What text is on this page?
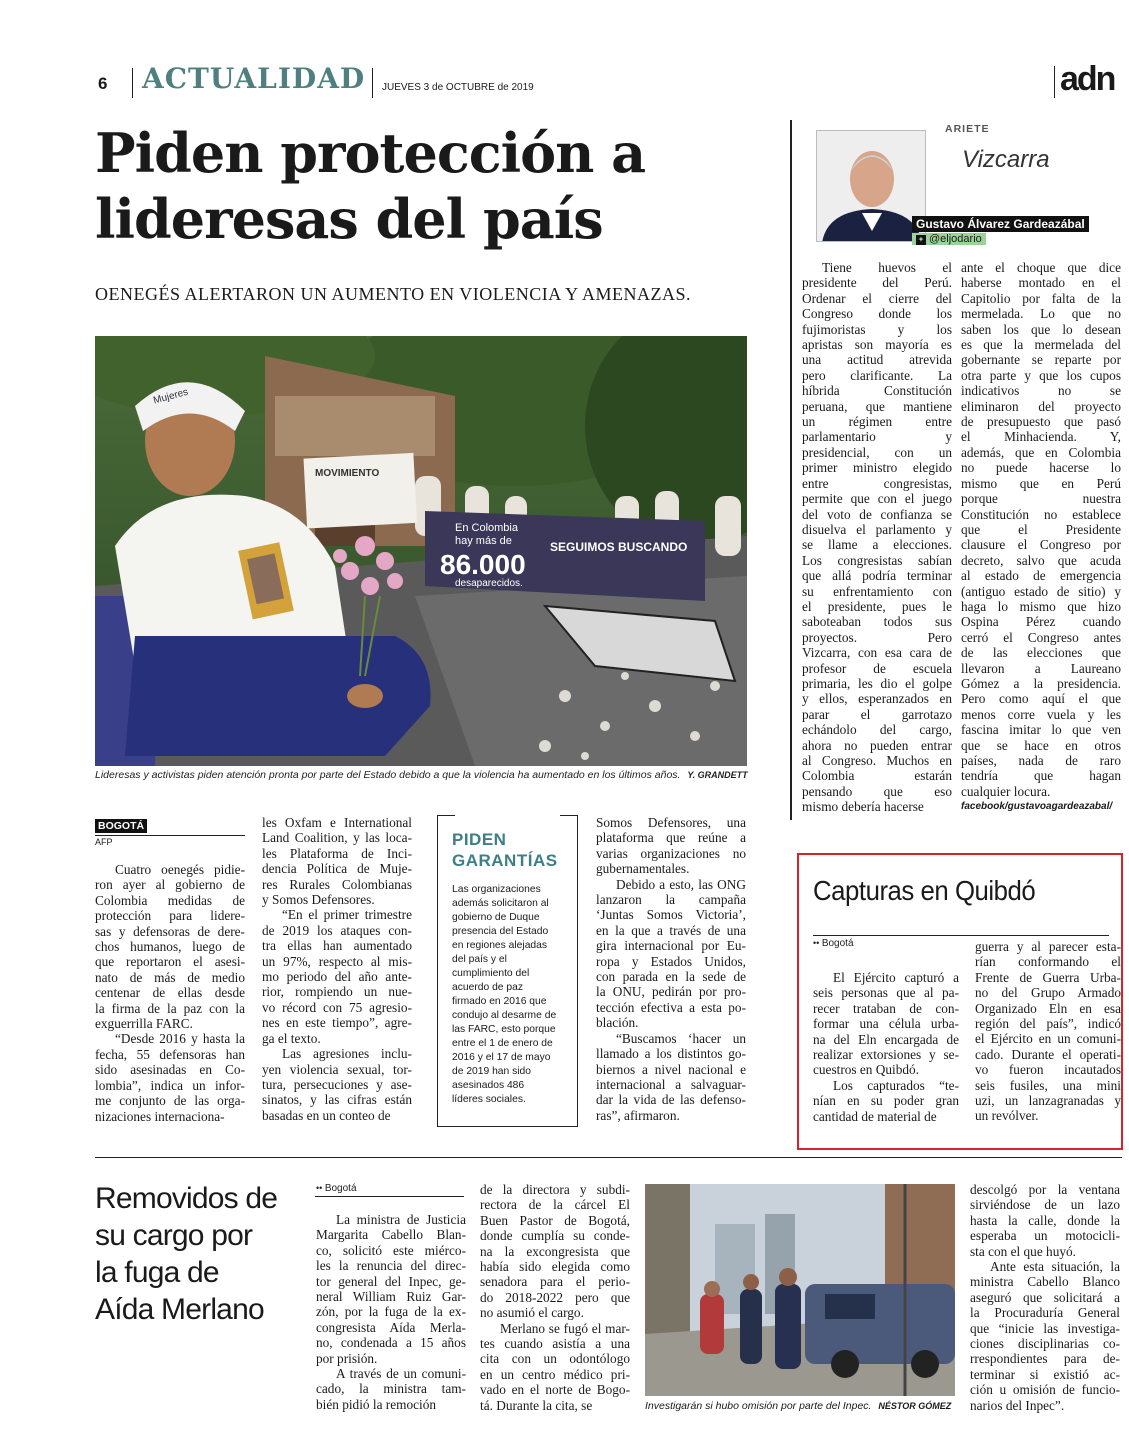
6 ACTUALIDAD JUEVES 3 de OCTUBRE de 2019	adn
Piden protección a
lideresas del país
OENEGÉS ALERTARON UN AUMENTO EN VIOLENCIA Y AMENAZAS.
MOVIMIENTO
En Colombia
hay más de
86.000
desaparecidos.
SEGUIMOS BUSCANDO
Mujeres
Lideresas y activistas piden atención pronta por parte del Estado debido a que la violencia ha aumentado en los últimos años. Y. GRANDETT
BOGOTÁ
AFP
Cuatro oenegés pidie-
ron ayer al gobierno de
Colombia medidas de
protección para lidere-
sas y defensoras de dere-
chos humanos, luego de
que reportaron el asesi-
nato de más de medio
centenar de ellas desde
la firma de la paz con la
exguerrilla FARC.
“Desde 2016 y hasta la
fecha, 55 defensoras han
sido asesinadas en Co-
lombia”, indica un infor-
me conjunto de las orga-
nizaciones internaciona-
les Oxfam e International
Land Coalition, y las loca-
les Plataforma de Inci-
dencia Política de Muje-
res Rurales Colombianas
y Somos Defensores.
“En el primer trimestre
de 2019 los ataques con-
tra ellas han aumentado
un 97%, respecto al mis-
mo periodo del año ante-
rior, rompiendo un nue-
vo récord con 75 agresio-
nes en este tiempo”, agre-
ga el texto.
Las agresiones inclu-
yen violencia sexual, tor-
tura, persecuciones y ase-
sinatos, y las cifras están
basadas en un conteo de
PIDEN
GARANTÍAS
Las organizaciones
además solicitaron al
gobierno de Duque
presencia del Estado
en regiones alejadas
del país y el
cumplimiento del
acuerdo de paz
firmado en 2016 que
condujo al desarme de
las FARC, esto porque
entre el 1 de enero de
2016 y el 17 de mayo
de 2019 han sido
asesinados 486
líderes sociales.
Somos Defensores, una
plataforma que reúne a
varias organizaciones no
gubernamentales.
Debido a esto, las ONG
lanzaron la campaña
‘Juntas Somos Victoria’,
en la que a través de una
gira internacional por Eu-
ropa y Estados Unidos,
con parada en la sede de
la ONU, pedirán por pro-
tección efectiva a esta po-
blación.
“Buscamos ‘hacer un
llamado a los distintos go-
biernos a nivel nacional e
internacional a salvaguar-
dar la vida de las defenso-
ras”, afirmaron.
ARIETE
Vizcarra
Gustavo Álvarez Gardeazábal
✦ @eljodario
Tiene huevos el
presidente del Perú.
Ordenar el cierre del
Congreso donde los
fujimoristas y los
apristas son mayoría es
una actitud atrevida
pero clarificante. La
híbrida Constitución
peruana, que mantiene
un régimen entre
parlamentario y
presidencial, con un
primer ministro elegido
entre congresistas,
permite que con el juego
del voto de confianza se
disuelva el parlamento y
se llame a elecciones.
Los congresistas sabían
que allá podría terminar
su enfrentamiento con
el presidente, pues le
saboteaban todos sus
proyectos. Pero
Vizcarra, con esa cara de
profesor de escuela
primaria, les dio el golpe
y ellos, esperanzados en
parar el garrotazo
echándolo del cargo,
ahora no pueden entrar
al Congreso. Muchos en
Colombia estarán
pensando que eso
mismo debería hacerse
ante el choque que dice
haberse montado en el
Capitolio por falta de la
mermelada. Lo que no
saben los que lo desean
es que la mermelada del
gobernante se reparte por
otra parte y que los cupos
indicativos no se
eliminaron del proyecto
de presupuesto que pasó
el Minhacienda. Y,
además, que en Colombia
no puede hacerse lo
mismo que en Perú
porque nuestra
Constitución no establece
que el Presidente
clausure el Congreso por
decreto, salvo que acuda
al estado de emergencia
(antiguo estado de sitio) y
haga lo mismo que hizo
Ospina Pérez cuando
cerró el Congreso antes
de las elecciones que
llevaron a Laureano
Gómez a la presidencia.
Pero como aquí el que
menos corre vuela y les
fascina imitar lo que ven
que se hace en otros
países, nada de raro
tendría que hagan
cualquier locura.
facebook/gustavoagardeazabal/
Capturas en Quibdó
•• Bogotá
El Ejército capturó a
seis personas que al pa-
recer trataban de con-
formar una célula urba-
na del Eln encargada de
realizar extorsiones y se-
cuestros en Quibdó.
Los capturados “te-
nían en su poder gran
cantidad de material de
guerra y al parecer esta-
rían conformando el
Frente de Guerra Urba-
no del Grupo Armado
Organizado Eln en esa
región del país”, indicó
el Ejército en un comuni-
cado. Durante el operati-
vo fueron incautados
seis fusiles, una mini
uzi, un lanzagranadas y
un revólver.
Removidos de
su cargo por
la fuga de
Aída Merlano
•• Bogotá
La ministra de Justicia
Margarita Cabello Blan-
co, solicitó este miérco-
les la renuncia del direc-
tor general del Inpec, ge-
neral William Ruiz Gar-
zón, por la fuga de la ex-
congresista Aída Merla-
no, condenada a 15 años
por prisión.
A través de un comuni-
cado, la ministra tam-
bién pidió la remoción
de la directora y subdi-
rectora de la cárcel El
Buen Pastor de Bogotá,
donde cumplía su conde-
na la excongresista que
había sido elegida como
senadora para el perio-
do 2018-2022 pero que
no asumió el cargo.
Merlano se fugó el mar-
tes cuando asistía a una
cita con un odontólogo
en un centro médico pri-
vado en el norte de Bogo-
tá. Durante la cita, se	Investigarán si hubo omisión por parte del Inpec. NÉSTOR GÓMEZ
descolgó por la ventana
sirviéndose de un lazo
hasta la calle, donde la
esperaba un motocicli-
sta con el que huyó.
Ante esta situación, la
ministra Cabello Blanco
aseguró que solicitará a
la Procuraduría General
que “inicie las investiga-
ciones disciplinarias co-
rrespondientes para de-
terminar si existió ac-
ción u omisión de funcio-
narios del Inpec”.
